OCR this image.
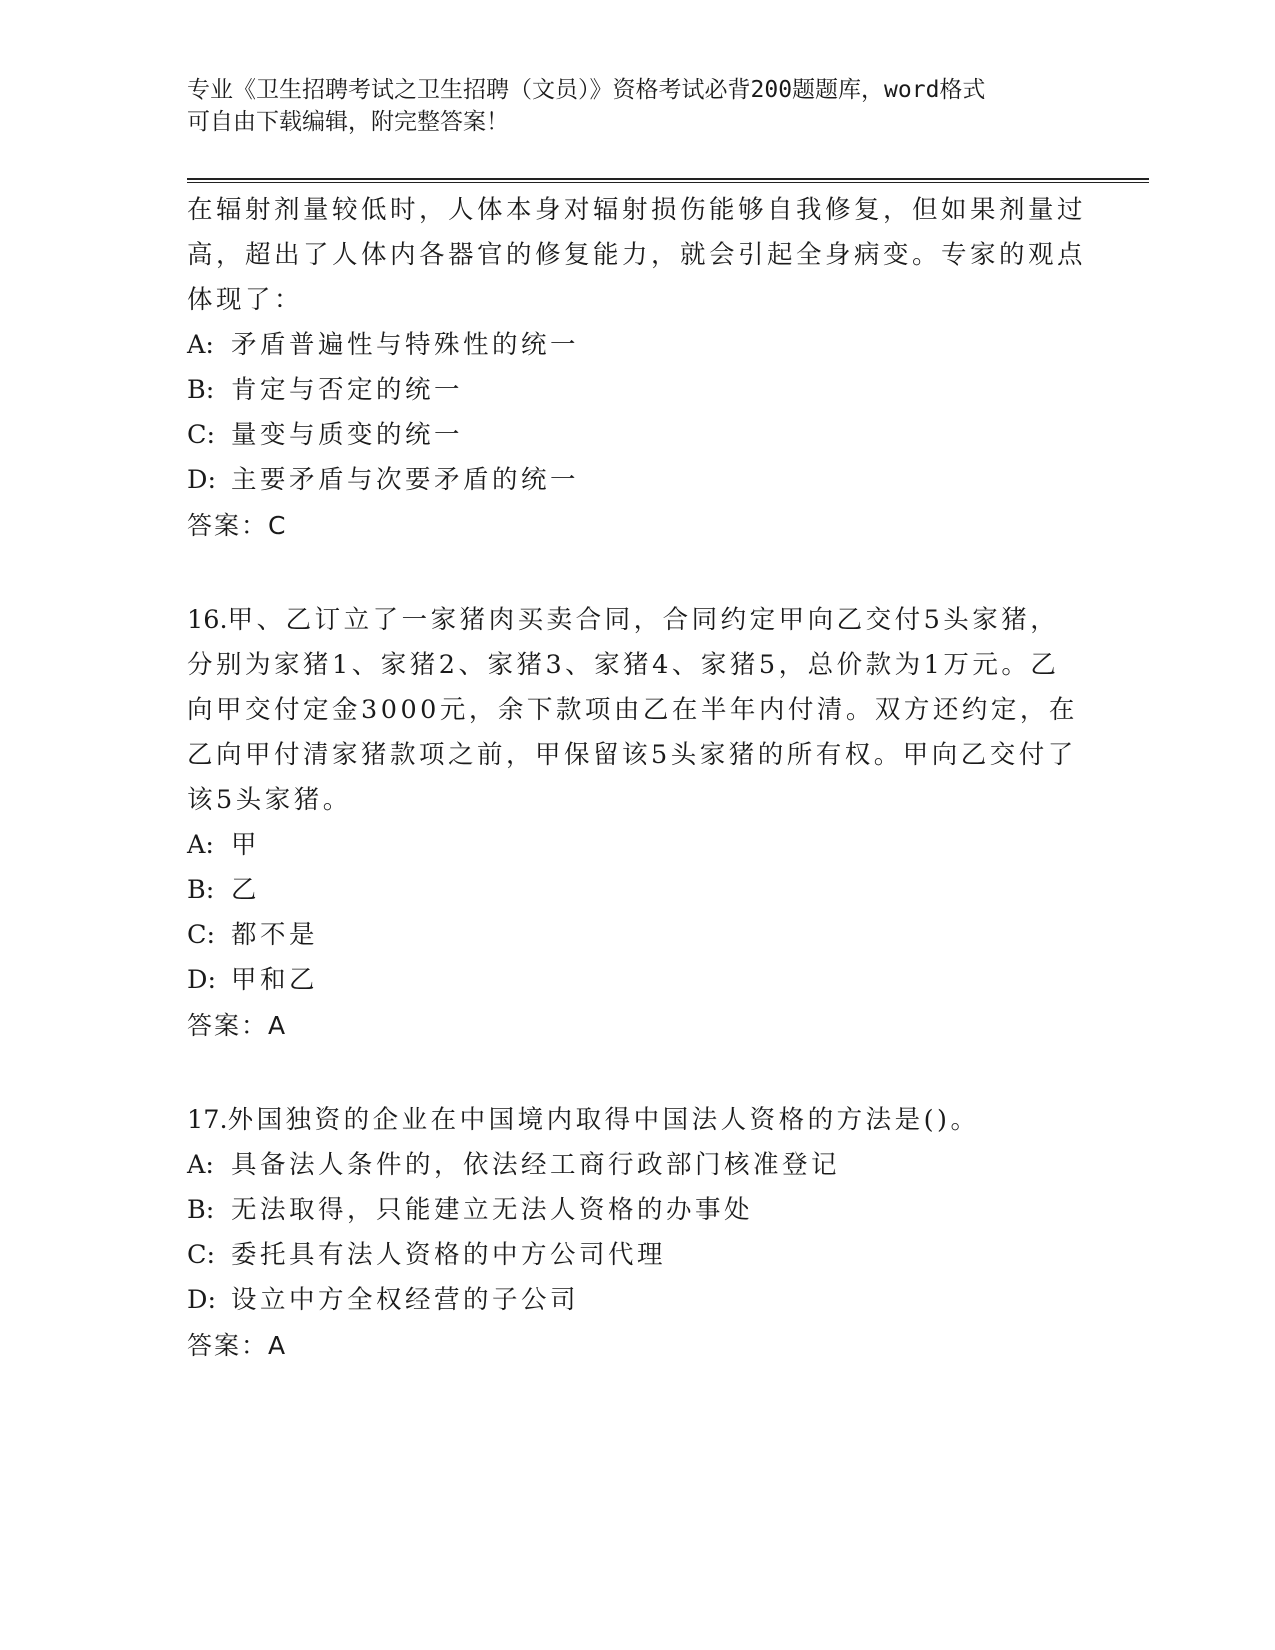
专业《卫生招聘考试之卫生招聘（文员）》资格考试必背200题题库，word格式
可自由下载编辑，附完整答案！

在辐射剂量较低时，人体本身对辐射损伤能够自我修复，但如果剂量过高，超出了人体内各器官的修复能力，就会引起全身病变。专家的观点体现了：

A: 矛盾普遍性与特殊性的统一

B: 肯定与否定的统一

C: 量变与质变的统一

D: 主要矛盾与次要矛盾的统一

答案：C

16.甲、乙订立了一家猪肉买卖合同，合同约定甲向乙交付5头家猪，分别为家猪1、家猪2、家猪3、家猪4、家猪5，总价款为1万元。乙向甲交付定金3000元，余下款项由乙在半年内付清。双方还约定，在乙向甲付清家猪款项之前，甲保留该5头家猪的所有权。甲向乙交付了该5头家猪。

A: 甲

B: 乙

C: 都不是

D: 甲和乙

答案：A

17.外国独资的企业在中国境内取得中国法人资格的方法是()。

A: 具备法人条件的，依法经工商行政部门核准登记

B: 无法取得，只能建立无法人资格的办事处

C: 委托具有法人资格的中方公司代理

D: 设立中方全权经营的子公司

答案：A
